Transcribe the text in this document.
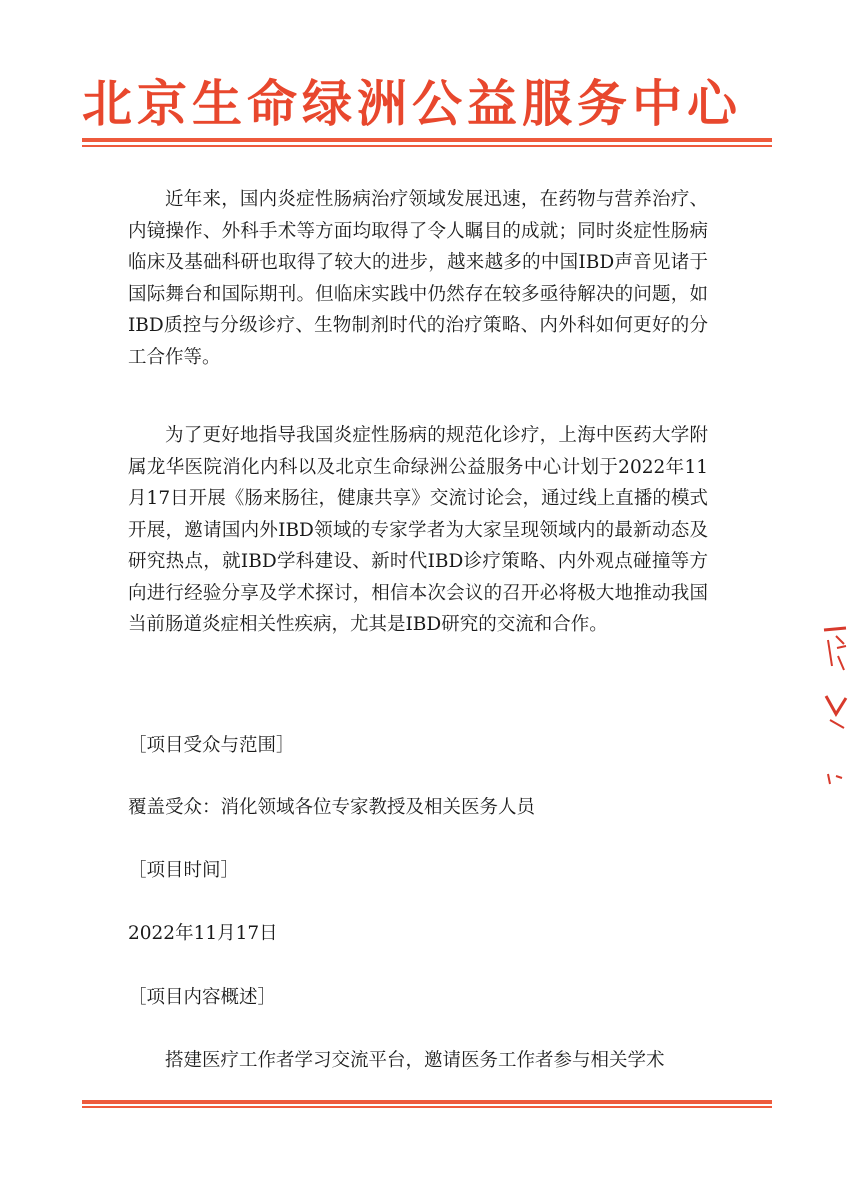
北京生命绿洲公益服务中心
近年来，国内炎症性肠病治疗领域发展迅速，在药物与营养治疗、内镜操作、外科手术等方面均取得了令人瞩目的成就；同时炎症性肠病临床及基础科研也取得了较大的进步，越来越多的中国IBD声音见诸于国际舞台和国际期刊。但临床实践中仍然存在较多亟待解决的问题，如IBD质控与分级诊疗、生物制剂时代的治疗策略、内外科如何更好的分工合作等。
为了更好地指导我国炎症性肠病的规范化诊疗，上海中医药大学附属龙华医院消化内科以及北京生命绿洲公益服务中心计划于2022年11月17日开展《肠来肠往，健康共享》交流讨论会，通过线上直播的模式开展，邀请国内外IBD领域的专家学者为大家呈现领域内的最新动态及研究热点，就IBD学科建设、新时代IBD诊疗策略、内外观点碰撞等方向进行经验分享及学术探讨，相信本次会议的召开必将极大地推动我国当前肠道炎症相关性疾病，尤其是IBD研究的交流和合作。
［项目受众与范围］
覆盖受众：消化领域各位专家教授及相关医务人员
［项目时间］
2022年11月17日
［项目内容概述］
搭建医疗工作者学习交流平台，邀请医务工作者参与相关学术
